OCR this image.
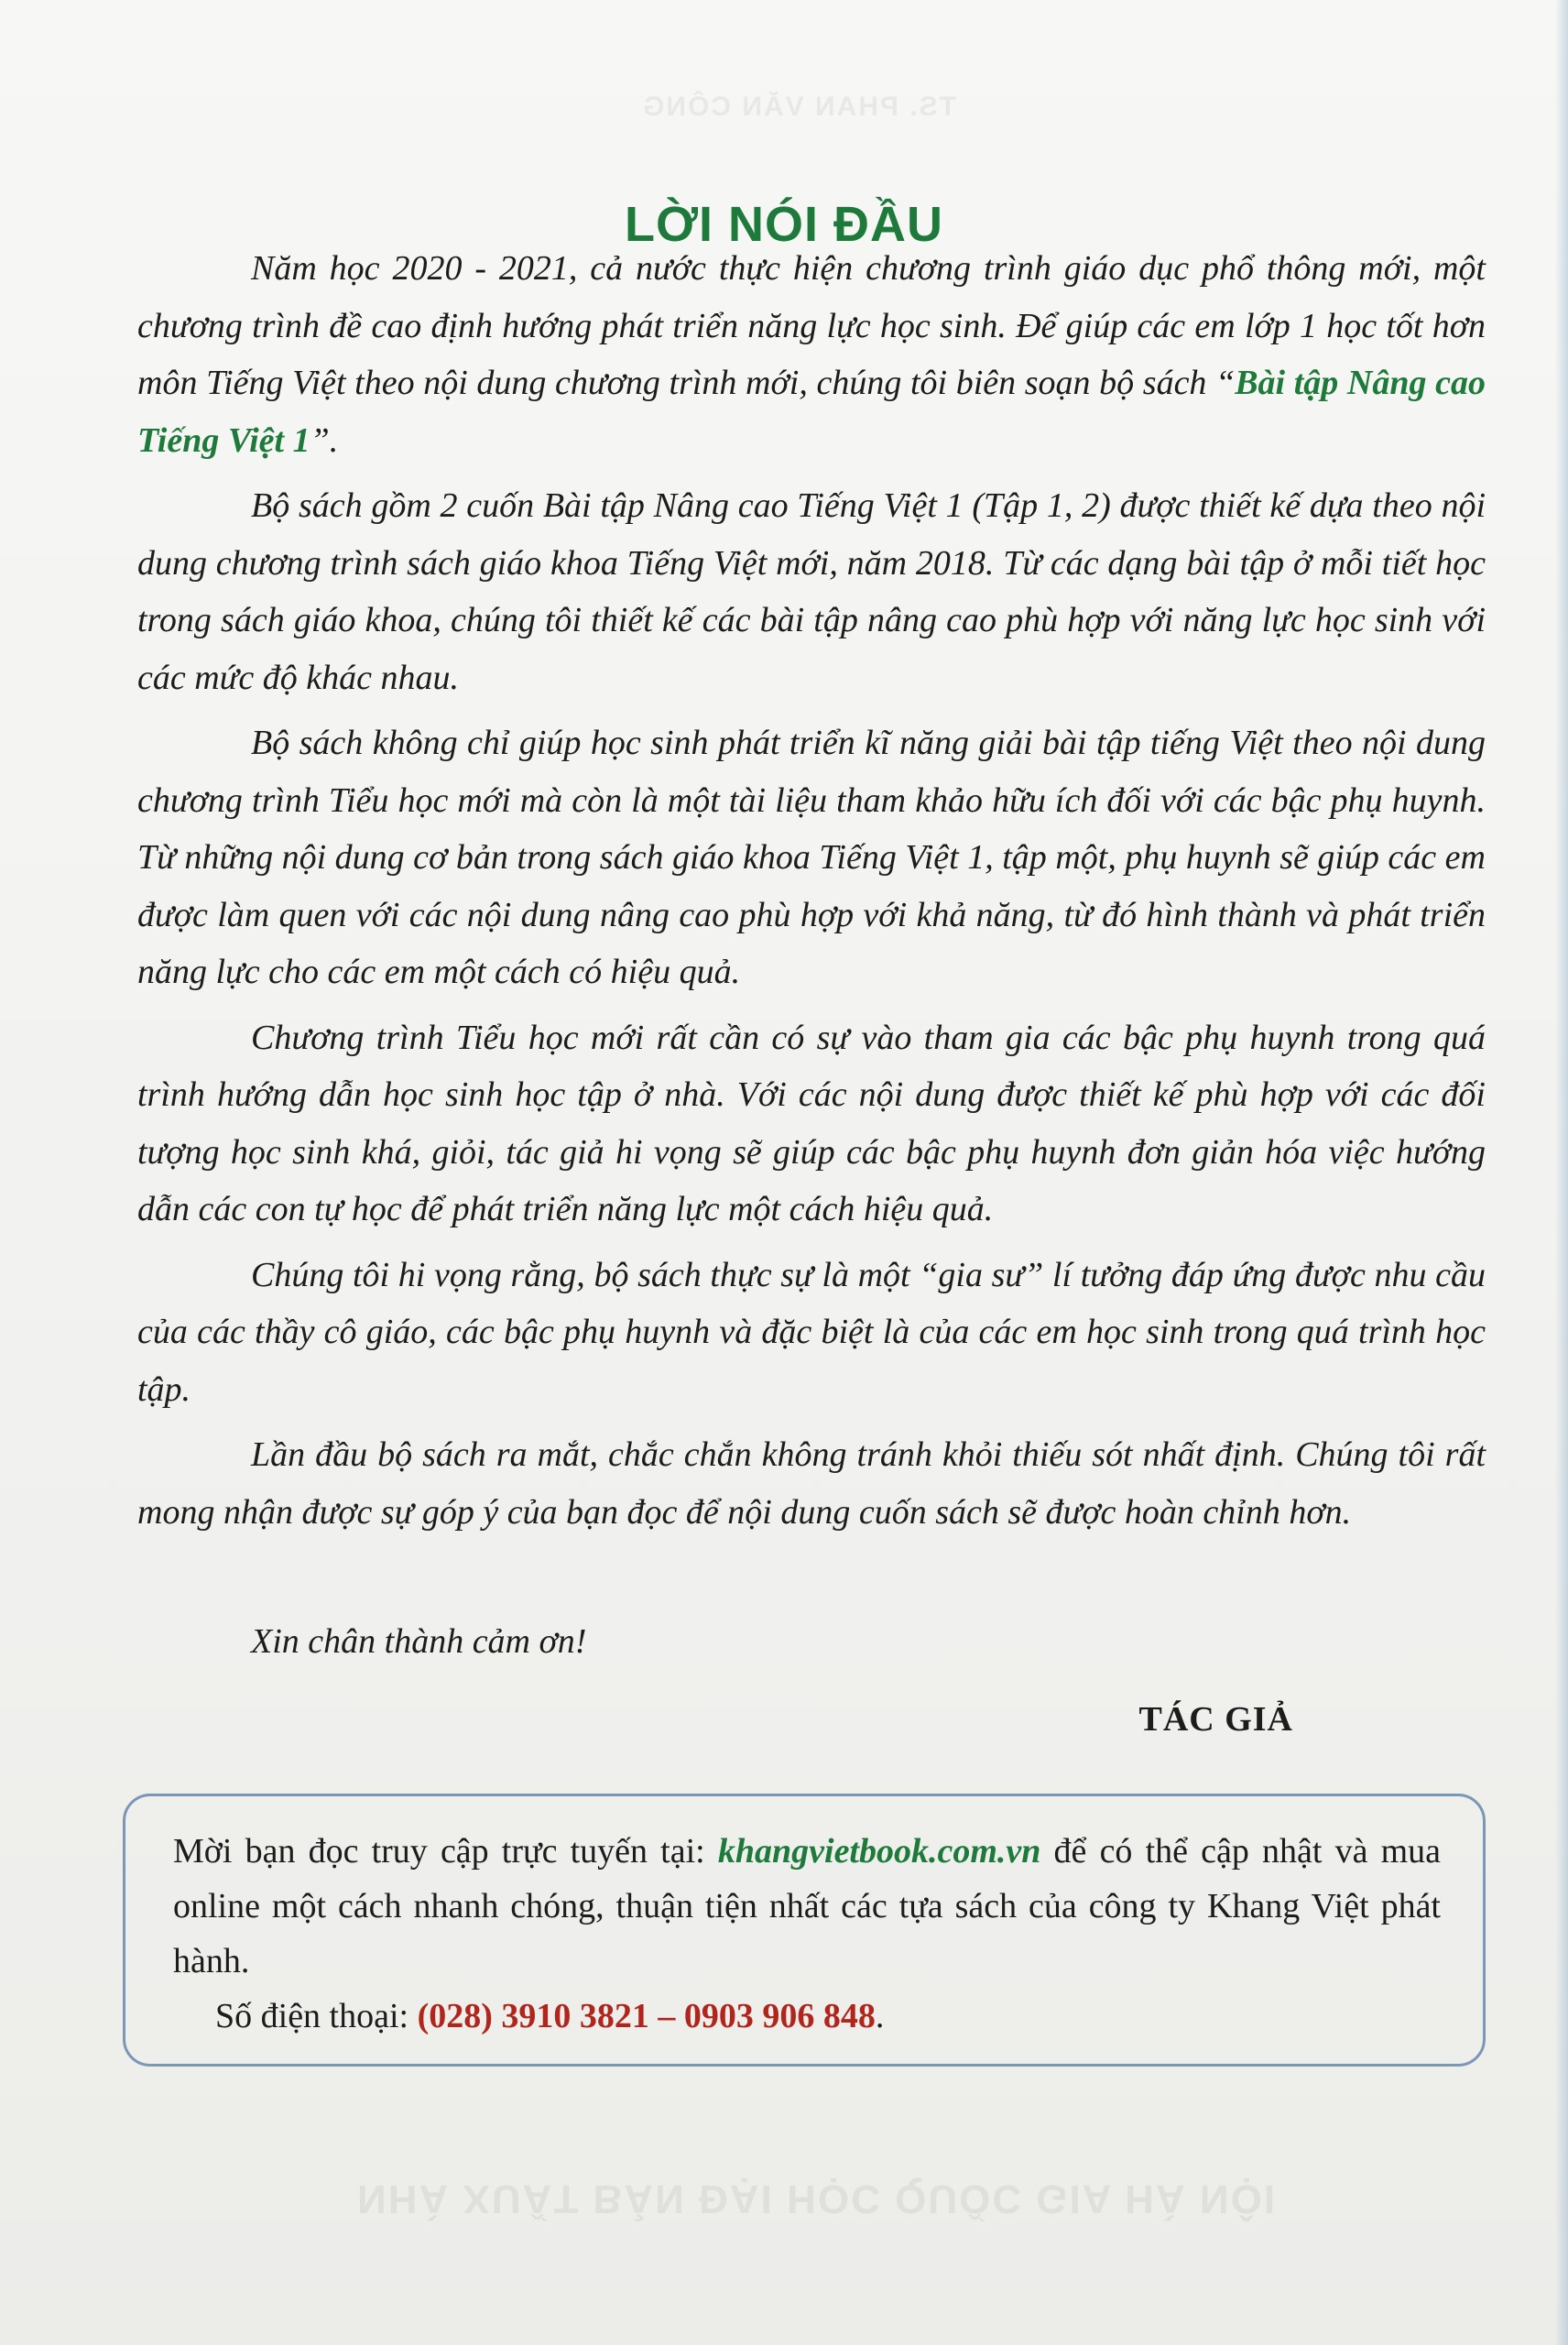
TS. PHAN VĂN CÔNG
NHÀ XUẤT BẢN ĐẠI HỌC QUỐC GIA HÀ NỘI
LỜI NÓI ĐẦU

Năm học 2020 - 2021, cả nước thực hiện chương trình giáo dục phổ thông mới, một chương trình đề cao định hướng phát triển năng lực học sinh. Để giúp các em lớp 1 học tốt hơn môn Tiếng Việt theo nội dung chương trình mới, chúng tôi biên soạn bộ sách “Bài tập Nâng cao Tiếng Việt 1”.

Bộ sách gồm 2 cuốn Bài tập Nâng cao Tiếng Việt 1 (Tập 1, 2) được thiết kế dựa theo nội dung chương trình sách giáo khoa Tiếng Việt mới, năm 2018. Từ các dạng bài tập ở mỗi tiết học trong sách giáo khoa, chúng tôi thiết kế các bài tập nâng cao phù hợp với năng lực học sinh với các mức độ khác nhau.

Bộ sách không chỉ giúp học sinh phát triển kĩ năng giải bài tập tiếng Việt theo nội dung chương trình Tiểu học mới mà còn là một tài liệu tham khảo hữu ích đối với các bậc phụ huynh. Từ những nội dung cơ bản trong sách giáo khoa Tiếng Việt 1, tập một, phụ huynh sẽ giúp các em được làm quen với các nội dung nâng cao phù hợp với khả năng, từ đó hình thành và phát triển năng lực cho các em một cách có hiệu quả.

Chương trình Tiểu học mới rất cần có sự vào tham gia các bậc phụ huynh trong quá trình hướng dẫn học sinh học tập ở nhà. Với các nội dung được thiết kế phù hợp với các đối tượng học sinh khá, giỏi, tác giả hi vọng sẽ giúp các bậc phụ huynh đơn giản hóa việc hướng dẫn các con tự học để phát triển năng lực một cách hiệu quả.

Chúng tôi hi vọng rằng, bộ sách thực sự là một “gia sư” lí tưởng đáp ứng được nhu cầu của các thầy cô giáo, các bậc phụ huynh và đặc biệt là của các em học sinh trong quá trình học tập.

Lần đầu bộ sách ra mắt, chắc chắn không tránh khỏi thiếu sót nhất định. Chúng tôi rất mong nhận được sự góp ý của bạn đọc để nội dung cuốn sách sẽ được hoàn chỉnh hơn.

Xin chân thành cảm ơn!
TÁC GIẢ

Mời bạn đọc truy cập trực tuyến tại: khangvietbook.com.vn để có thể cập nhật và mua online một cách nhanh chóng, thuận tiện nhất các tựa sách của công ty Khang Việt phát hành.

Số điện thoại: (028) 3910 3821 – 0903 906 848.
